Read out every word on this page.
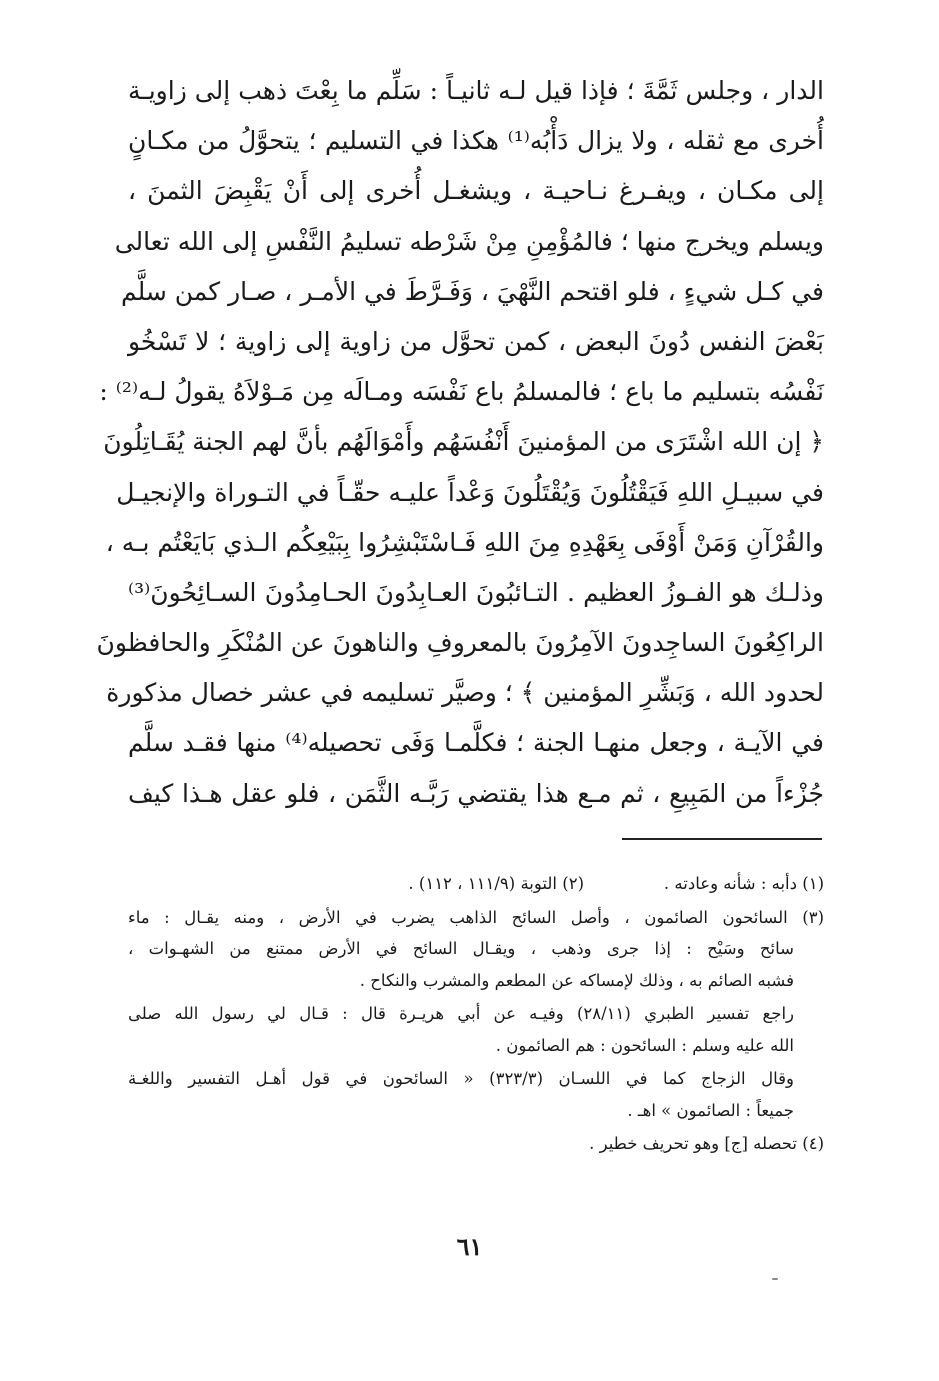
الدار ، وجلس ثَمَّةَ ؛ فإذا قيل لـه ثانيـاً : سَلِّم ما بِعْتَ ذهب إلى زاويـة
أُخرى مع ثقله ، ولا يزال دَأْبُه⁽¹⁾ هكذا في التسليم ؛ يتحوَّلُ من مكـانٍ
إلى مكـان ، ويفـرغ نـاحيـة ، ويشغـل أُخرى إلى أَنْ يَقْبِضَ الثمنَ ،
ويسلم ويخرج منها ؛ فالمُؤْمِنِ مِنْ شَرْطه تسليمُ النَّفْسِ إلى الله تعالى
في كـل شيءٍ ، فلو اقتحم النَّهْيَ ، وَفَـرَّطَ في الأمـر ، صـار كمن سلَّم
بَعْضَ النفس دُونَ البعض ، كمن تحوَّل من زاوية إلى زاوية ؛ لا تَسْخُو
نَفْسُه بتسليم ما باع ؛ فالمسلمُ باع نَفْسَه ومـالَه مِن مَـوْلاَهُ يقولُ لـه⁽²⁾ :
﴿ إن الله اشْتَرَى من المؤمنينَ أَنْفُسَهُم وأَمْوَالَهُم بأنَّ لهم الجنة يُقَـاتِلُونَ
في سبيـلِ اللهِ فَيَقْتُلُونَ وَيُقْتَلُونَ وَعْداً عليـه حقّـاً في التـوراة والإنجيـل
والقُرْآنِ وَمَنْ أَوْفَى بِعَهْدِهِ مِنَ اللهِ فَـاسْتَبْشِرُوا بِبَيْعِكُم الـذي بَايَعْتُم بـه ،
وذلـك هو الفـوزُ العظيم . التـائبُونَ العـابِدُونَ الحـامِدُونَ السـائِحُونَ⁽³⁾
الراكِعُونَ الساجِدونَ الآمِرُونَ بالمعروفِ والناهونَ عن المُنْكَرِ والحافظونَ
لحدود الله ، وَبَشِّرِ المؤمنين ﴾ ؛ وصيَّر تسليمه في عشر خصال مذكورة
في الآيـة ، وجعل منهـا الجنة ؛ فكلَّمـا وَفَى تحصيله⁽⁴⁾ منها فقـد سلَّم
جُزْءاً من المَبِيعِ ، ثم مـع هذا يقتضي رَبَّـه الثَّمَن ، فلو عقل هـذا كيف
(١) دأبه : شأنه وعادته .
(٢) التوبة (١١١/٩ ، ١١٢) .
(٣) السائحون الصائمون ، وأصل السائح الذاهب يضرب في الأرض ، ومنه يقـال : ماء
سائح وسَيْح : إذا جرى وذهب ، ويقـال السائح في الأرض ممتنع من الشهـوات ،
فشبه الصائم به ، وذلك لإمساكه عن المطعم والمشرب والنكاح .
راجع تفسير الطبري (٢٨/١١) وفيـه عن أبي هريـرة قال : قـال لي رسول الله صلى
الله عليه وسلم : السائحون : هم الصائمون .
وقال الزجاج كما في اللسـان (٣٢٣/٣) « السائحون في قول أهـل التفسير واللغـة
جميعاً : الصائمون » اهـ .
(٤) تحصله [ج] وهو تحريف خطير .
٦١
